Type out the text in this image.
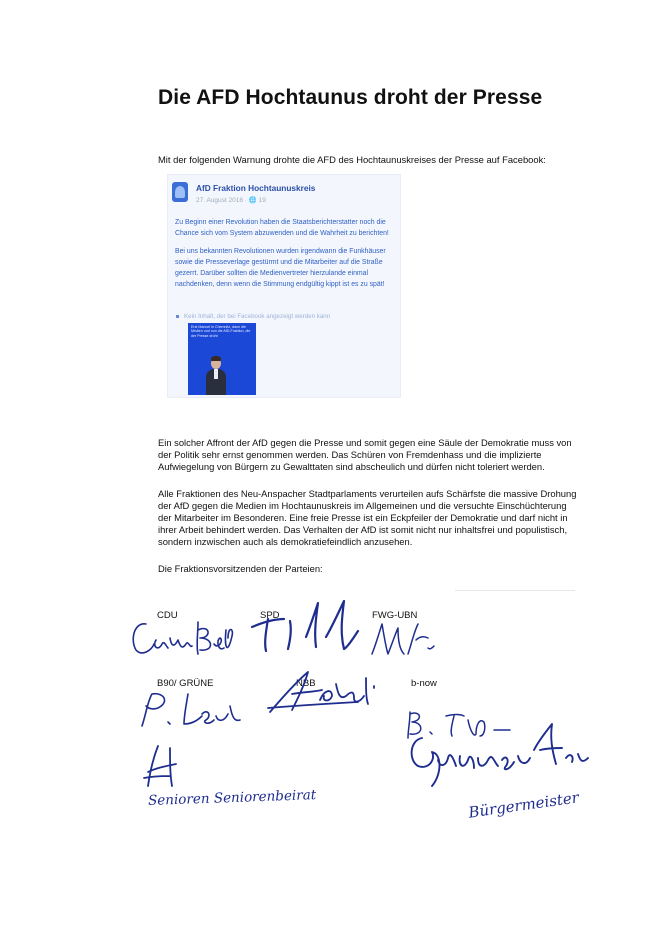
Die AFD Hochtaunus droht der Presse
Mit der folgenden Warnung drohte die AFD des Hochtaunuskreises der Presse auf Facebook:
AfD Fraktion Hochtaunuskreis
27. August 2018 · 🌐 19

Zu Beginn einer Revolution haben die Staatsberichterstatter noch die Chance sich vom System abzuwenden und die Wahrheit zu berichten!

Bei uns bekannten Revolutionen wurden irgendwann die Funkhäuser sowie die Presseverlage gestürmt und die Mitarbeiter auf die Straße gezerrt. Darüber sollten die Medienvertreter hierzulande einmal nachdenken, denn wenn die Stimmung endgültig kippt ist es zu spät!

Kein Inhalt, der bei Facebook angezeigt werden kann
Erst Manuel in Chemnitz, dann die Medien und nun die AfD-Fraktion, die der Presse droht
Ein solcher Affront der AfD gegen die Presse und somit gegen eine Säule der Demokratie muss von der Politik sehr ernst genommen werden. Das Schüren von Fremdenhass und die implizierte Aufwiegelung von Bürgern zu Gewalttaten sind abscheulich und dürfen nicht toleriert werden.
Alle Fraktionen des Neu-Anspacher Stadtparlaments verurteilen aufs Schärfste die massive Drohung der AfD gegen die Medien im Hochtaunuskreis im Allgemeinen und die versuchte Einschüchterung der Mitarbeiter im Besonderen. Eine freie Presse ist ein Eckpfeiler der Demokratie und darf nicht in ihrer Arbeit behindert werden. Das Verhalten der AfD ist somit nicht nur inhaltsfrei und populistisch, sondern inzwischen auch als demokratiefeindlich anzusehen.
Die Fraktionsvorsitzenden der Parteien:
CDU	SPD	FWG-UBN
B90/ GRÜNE	NBB	b-now
Senioren Seniorenbeirat	Bürgermeister
